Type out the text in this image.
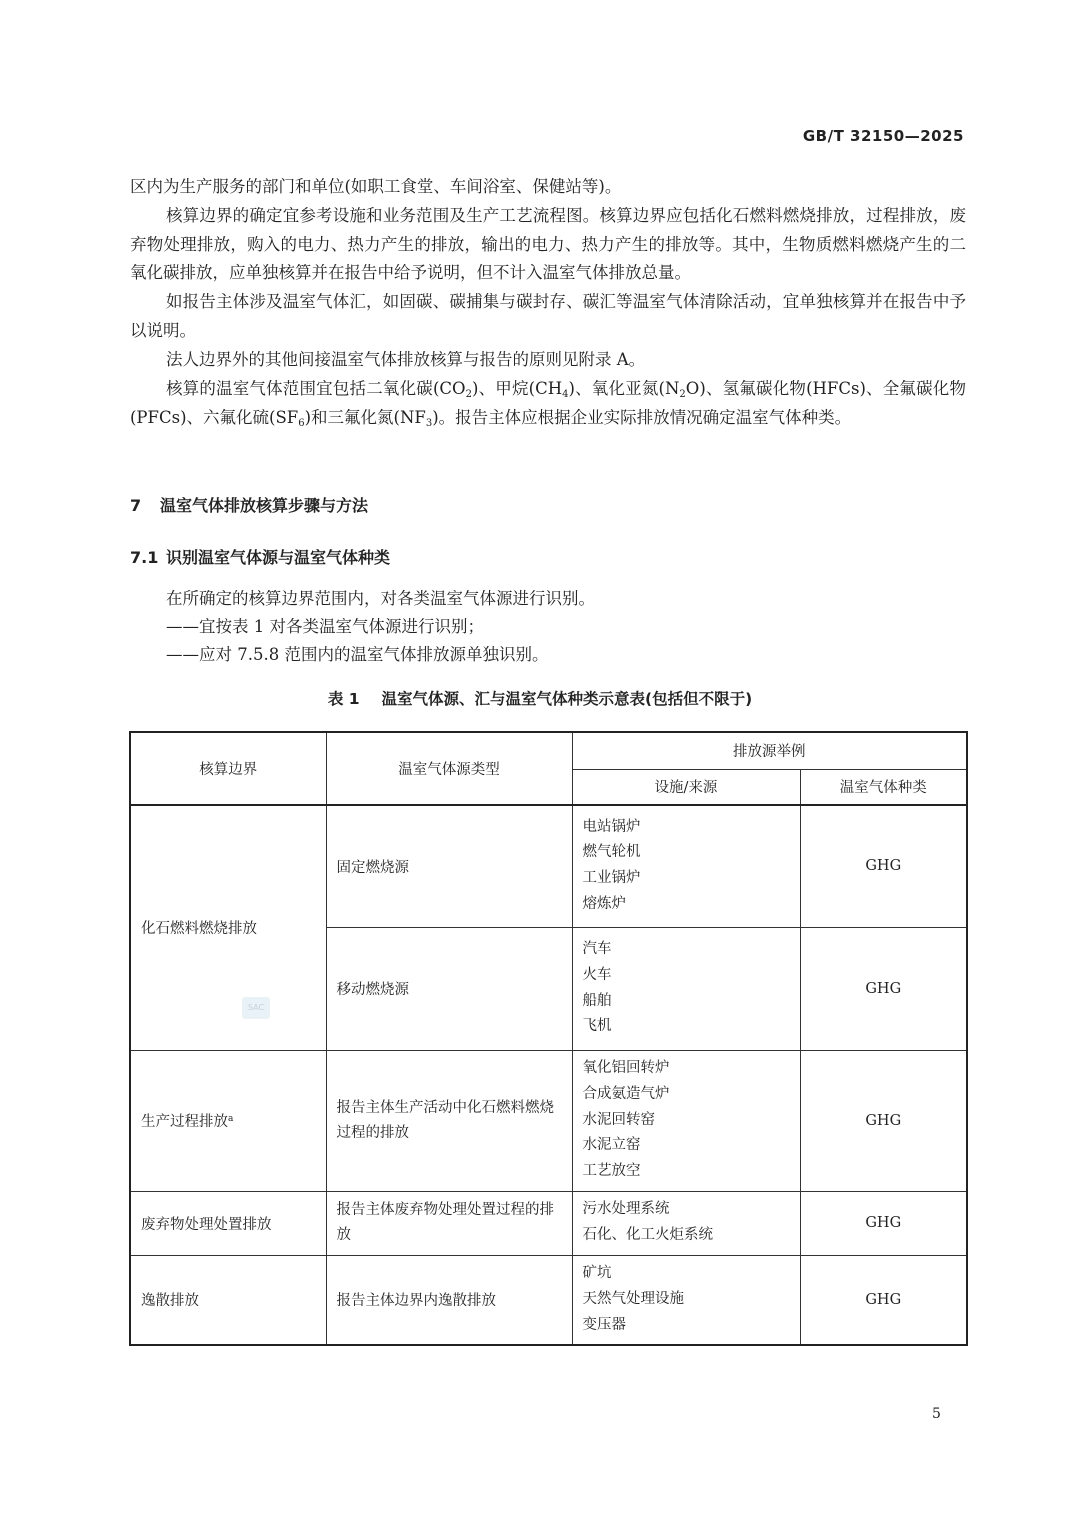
GB/T 32150—2025

区内为生产服务的部门和单位(如职工食堂、车间浴室、保健站等)。

核算边界的确定宜参考设施和业务范围及生产工艺流程图。核算边界应包括化石燃料燃烧排放，过程排放，废弃物处理排放，购入的电力、热力产生的排放，输出的电力、热力产生的排放等。其中，生物质燃料燃烧产生的二氧化碳排放，应单独核算并在报告中给予说明，但不计入温室气体排放总量。

如报告主体涉及温室气体汇，如固碳、碳捕集与碳封存、碳汇等温室气体清除活动，宜单独核算并在报告中予以说明。

法人边界外的其他间接温室气体排放核算与报告的原则见附录 A。

核算的温室气体范围宜包括二氧化碳$(CO_2)$、甲烷$(CH_4)$、氧化亚氮$(N_2O)$、氢氟碳化物(HFCs)、全氟碳化物(PFCs)、六氟化硫$(SF_6)$和三氟化氮$(NF_3)$。报告主体应根据企业实际排放情况确定温室气体种类。

7 温室气体排放核算步骤与方法
7.1 识别温室气体源与温室气体种类
在所确定的核算边界范围内，对各类温室气体源进行识别。
——宜按表 1 对各类温室气体源进行识别；
——应对 7.5.8 范围内的温室气体排放源单独识别。
表 1 温室气体源、汇与温室气体种类示意表(包括但不限于)
核算边界	温室气体源类型	排放源举例	
		设施/来源	温室气体种类
化石燃料燃烧排放	固定燃烧源	电站锅炉
燃气轮机
工业锅炉
熔炼炉	GHG
	移动燃烧源	汽车
火车
船舶
飞机	GHG
生产过程排放$^a$	报告主体生产活动中化石燃料燃烧过程的排放	氧化铝回转炉
合成氨造气炉
水泥回转窑
水泥立窑
工艺放空	GHG
废弃物处理处置排放	报告主体废弃物处理处置过程的排放	污水处理系统
石化、化工火炬系统	GHG
逸散排放	报告主体边界内逸散排放	矿坑
天然气处理设施
变压器	GHG
SAC
5
